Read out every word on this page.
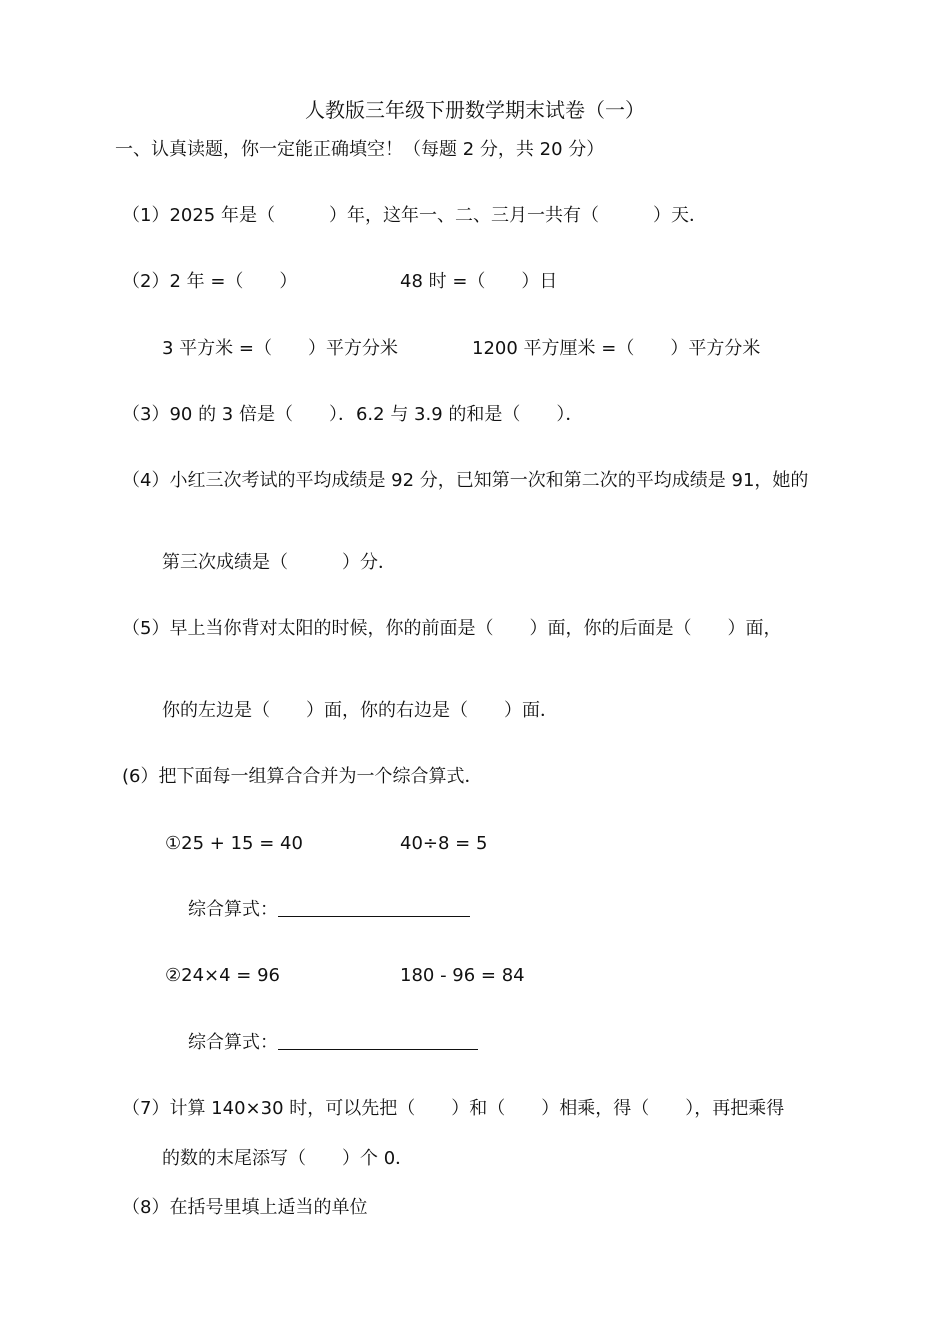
人教版三年级下册数学期末试卷（一）
一、认真读题，你一定能正确填空！（每题 2 分，共 20 分）
（1）2025 年是（　　　）年，这年一、二、三月一共有（　　　）天．
（2）2 年 =（　　）	48 时 =（　　）日
3 平方米 =（　　）平方分米	1200 平方厘米 =（　　）平方分米
（3）90 的 3 倍是（　　）．6.2 与 3.9 的和是（　　）．
（4）小红三次考试的平均成绩是 92 分，已知第一次和第二次的平均成绩是 91，她的
第三次成绩是（　　　）分．
（5）早上当你背对太阳的时候，你的前面是（　　）面，你的后面是（　　）面，
你的左边是（　　）面，你的右边是（　　）面．
(6）把下面每一组算合合并为一个综合算式．
①25 + 15 = 40	40÷8 = 5
综合算式：
②24×4 = 96	180 - 96 = 84
综合算式：
（7）计算 140×30 时，可以先把（　　）和（　　）相乘，得（　　），再把乘得
的数的末尾添写（　　）个 0．
（8）在括号里填上适当的单位
